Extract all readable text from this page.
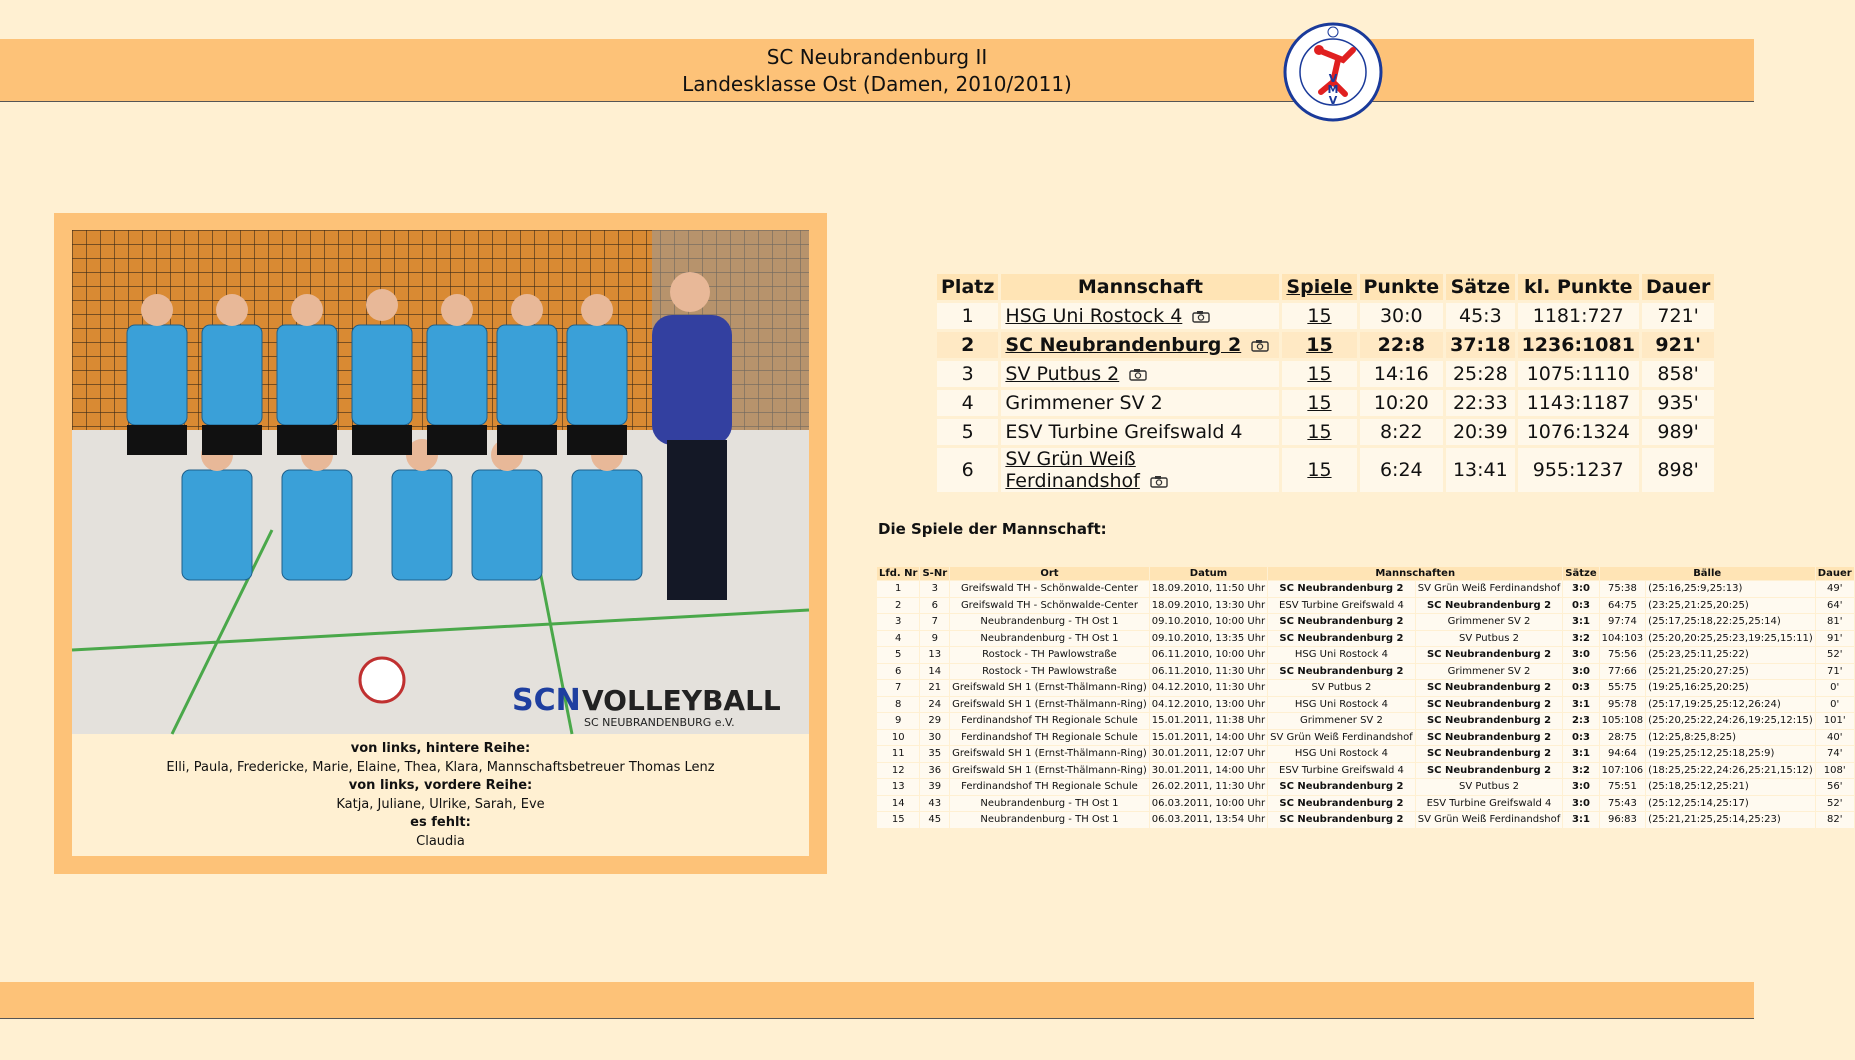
SC Neubrandenburg II
Landesklasse Ost (Damen, 2010/2011)	V
M
V
SCN VOLLEYBALL
SC NEUBRANDENBURG e.V.
von links, hintere Reihe:
Elli, Paula, Fredericke, Marie, Elaine, Thea, Klara, Mannschaftsbetreuer Thomas Lenz
von links, vordere Reihe:
Katja, Juliane, Ulrike, Sarah, Eve
es fehlt:
Claudia
Platz	Mannschaft	Spiele	Punkte	Sätze	kl. Punkte	Dauer
1	HSG Uni Rostock 4	15	30:0	45:3	1181:727	721'
2	SC Neubrandenburg 2	15	22:8	37:18	1236:1081	921'
3	SV Putbus 2	15	14:16	25:28	1075:1110	858'
4	Grimmener SV 2	15	10:20	22:33	1143:1187	935'
5	ESV Turbine Greifswald 4	15	8:22	20:39	1076:1324	989'
6	SV Grün Weiß Ferdinandshof	15	6:24	13:41	955:1237	898'
Die Spiele der Mannschaft:
Lfd. Nr	S-Nr	Ort	Datum	Mannschaften		Sätze	Bälle		Dauer
1	3	Greifswald TH - Schönwalde-Center	18.09.2010, 11:50 Uhr	SC Neubrandenburg 2	SV Grün Weiß Ferdinandshof	3:0	75:38	(25:16,25:9,25:13)	49'
2	6	Greifswald TH - Schönwalde-Center	18.09.2010, 13:30 Uhr	ESV Turbine Greifswald 4	SC Neubrandenburg 2	0:3	64:75	(23:25,21:25,20:25)	64'
3	7	Neubrandenburg - TH Ost 1	09.10.2010, 10:00 Uhr	SC Neubrandenburg 2	Grimmener SV 2	3:1	97:74	(25:17,25:18,22:25,25:14)	81'
4	9	Neubrandenburg - TH Ost 1	09.10.2010, 13:35 Uhr	SC Neubrandenburg 2	SV Putbus 2	3:2	104:103	(25:20,20:25,25:23,19:25,15:11)	91'
5	13	Rostock - TH Pawlowstraße	06.11.2010, 10:00 Uhr	HSG Uni Rostock 4	SC Neubrandenburg 2	3:0	75:56	(25:23,25:11,25:22)	52'
6	14	Rostock - TH Pawlowstraße	06.11.2010, 11:30 Uhr	SC Neubrandenburg 2	Grimmener SV 2	3:0	77:66	(25:21,25:20,27:25)	71'
7	21	Greifswald SH 1 (Ernst-Thälmann-Ring)	04.12.2010, 11:30 Uhr	SV Putbus 2	SC Neubrandenburg 2	0:3	55:75	(19:25,16:25,20:25)	0'
8	24	Greifswald SH 1 (Ernst-Thälmann-Ring)	04.12.2010, 13:00 Uhr	HSG Uni Rostock 4	SC Neubrandenburg 2	3:1	95:78	(25:17,19:25,25:12,26:24)	0'
9	29	Ferdinandshof TH Regionale Schule	15.01.2011, 11:38 Uhr	Grimmener SV 2	SC Neubrandenburg 2	2:3	105:108	(25:20,25:22,24:26,19:25,12:15)	101'
10	30	Ferdinandshof TH Regionale Schule	15.01.2011, 14:00 Uhr	SV Grün Weiß Ferdinandshof	SC Neubrandenburg 2	0:3	28:75	(12:25,8:25,8:25)	40'
11	35	Greifswald SH 1 (Ernst-Thälmann-Ring)	30.01.2011, 12:07 Uhr	HSG Uni Rostock 4	SC Neubrandenburg 2	3:1	94:64	(19:25,25:12,25:18,25:9)	74'
12	36	Greifswald SH 1 (Ernst-Thälmann-Ring)	30.01.2011, 14:00 Uhr	ESV Turbine Greifswald 4	SC Neubrandenburg 2	3:2	107:106	(18:25,25:22,24:26,25:21,15:12)	108'
13	39	Ferdinandshof TH Regionale Schule	26.02.2011, 11:30 Uhr	SC Neubrandenburg 2	SV Putbus 2	3:0	75:51	(25:18,25:12,25:21)	56'
14	43	Neubrandenburg - TH Ost 1	06.03.2011, 10:00 Uhr	SC Neubrandenburg 2	ESV Turbine Greifswald 4	3:0	75:43	(25:12,25:14,25:17)	52'
15	45	Neubrandenburg - TH Ost 1	06.03.2011, 13:54 Uhr	SC Neubrandenburg 2	SV Grün Weiß Ferdinandshof	3:1	96:83	(25:21,21:25,25:14,25:23)	82'
